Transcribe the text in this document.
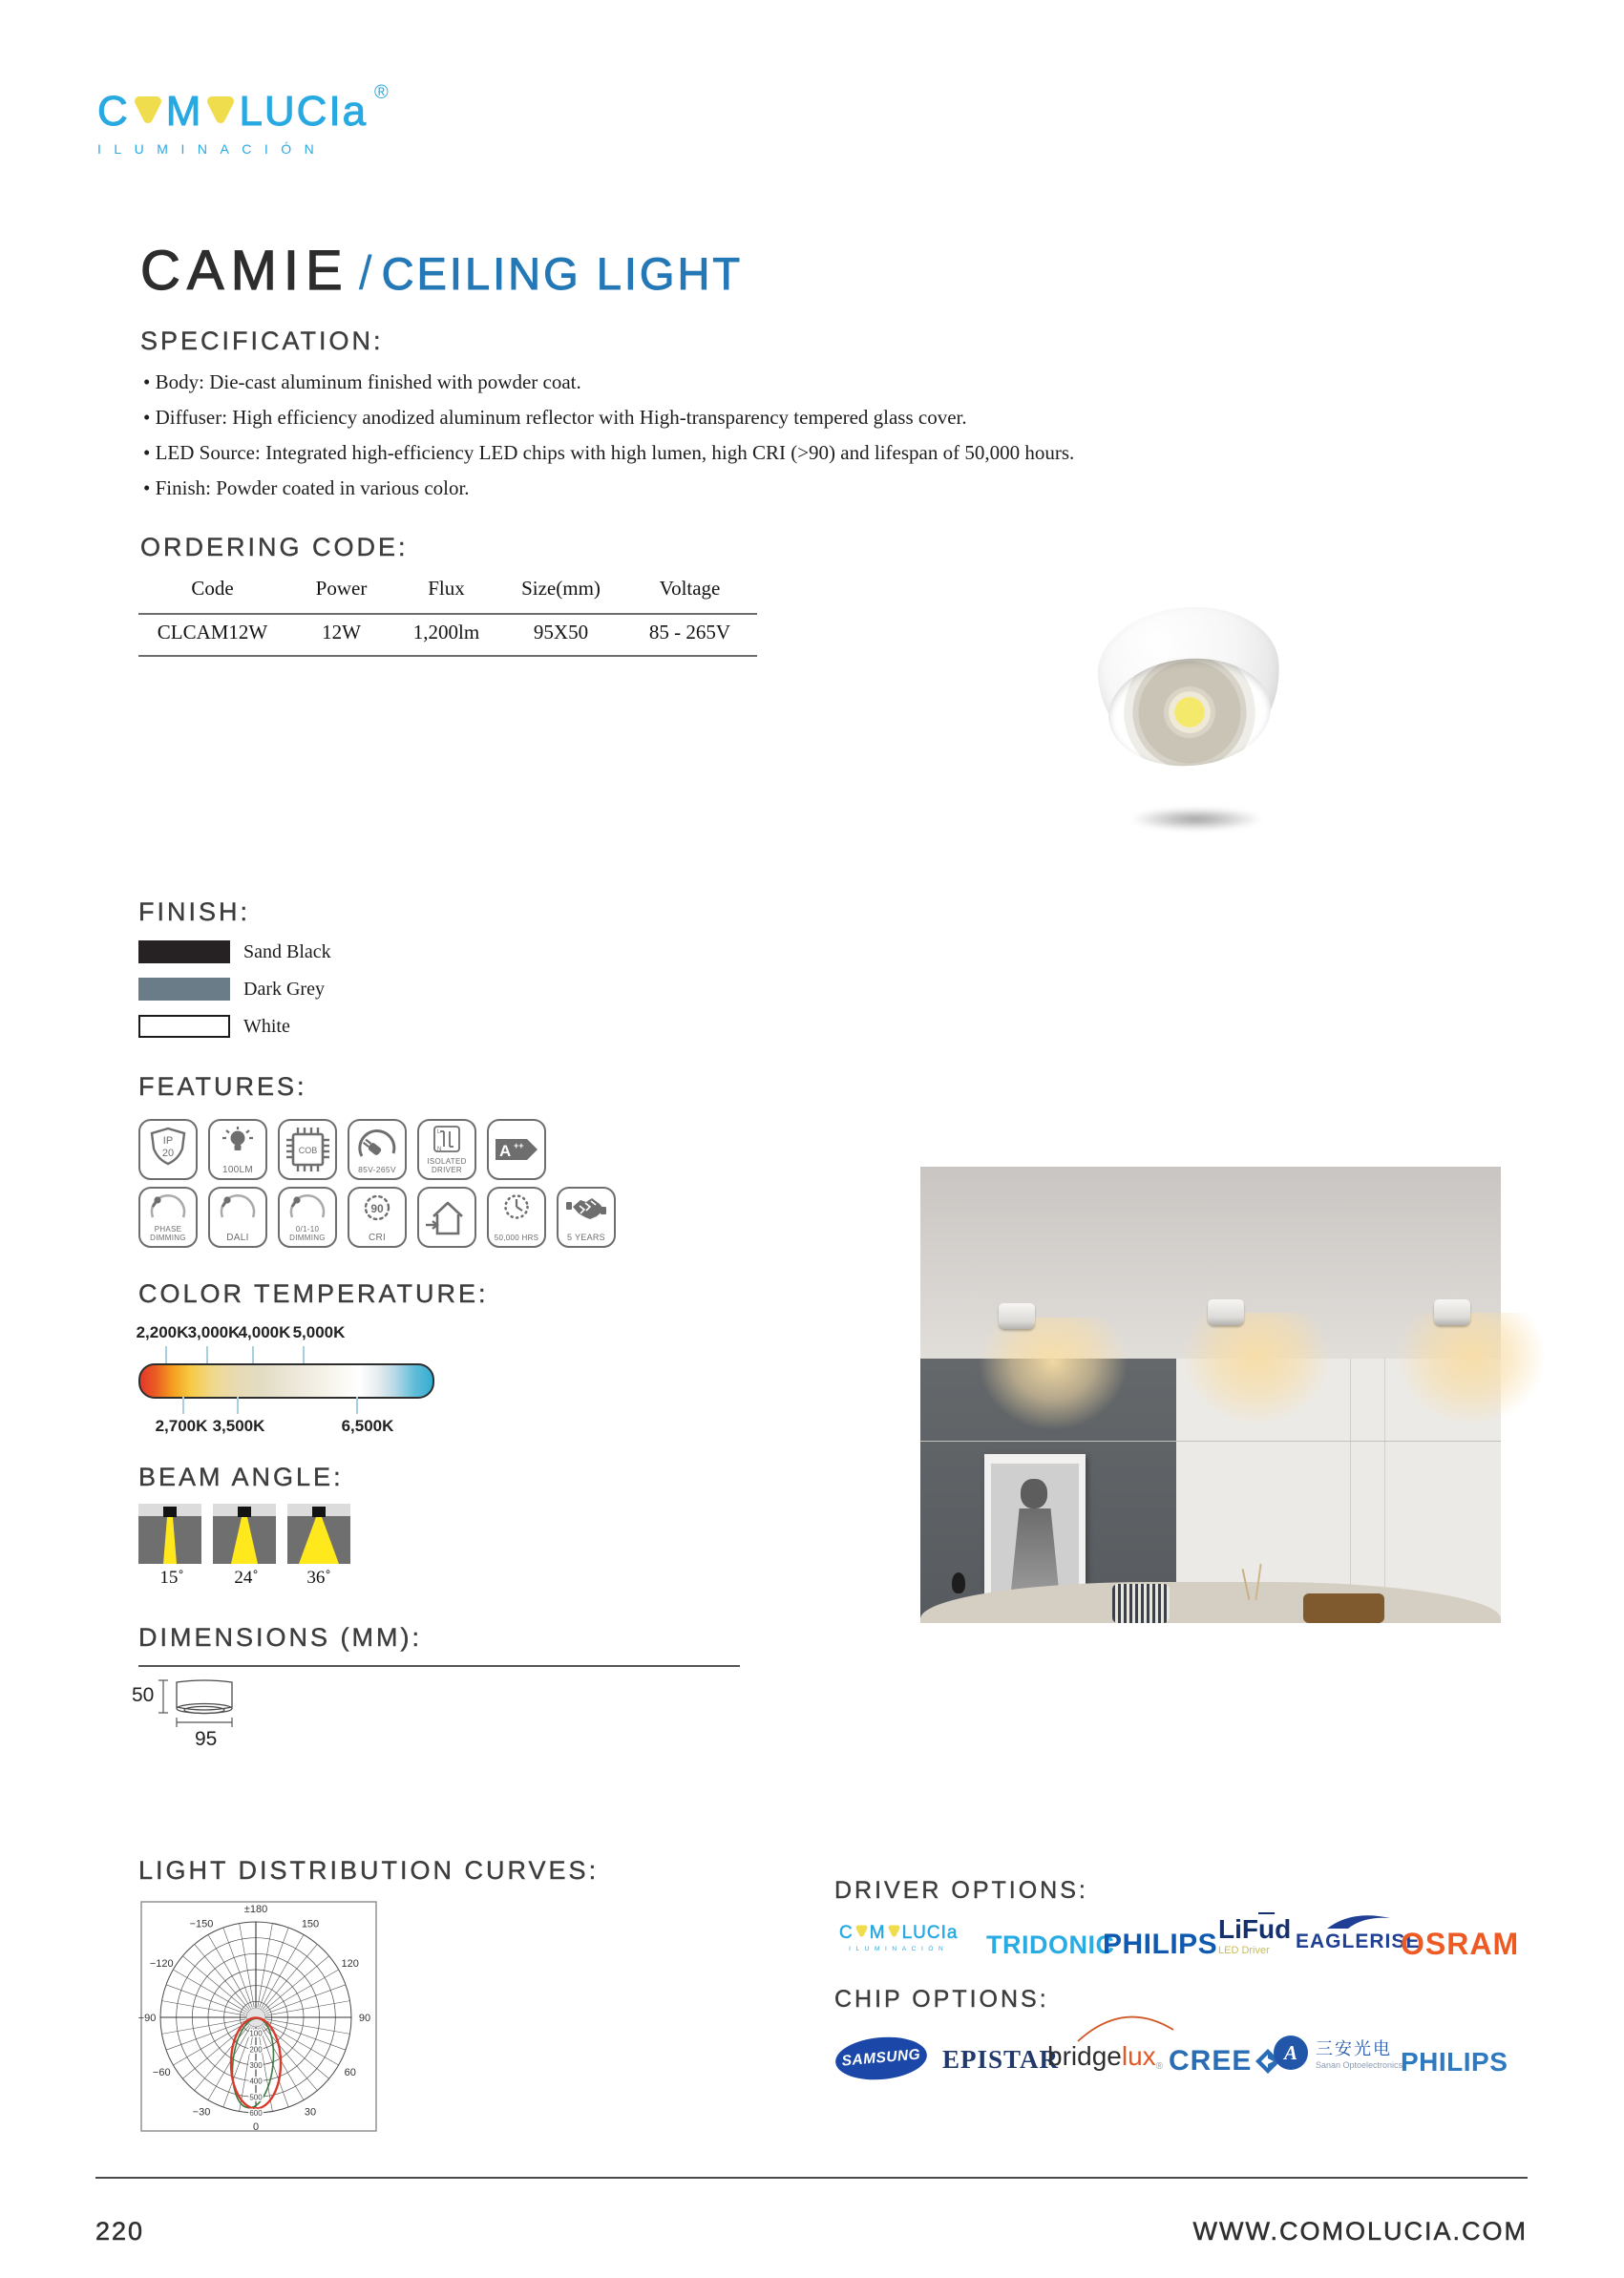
C M LUCIa
ILUMINACIÓN
®
CAMIE / CEILING LIGHT
SPECIFICATION:
• Body: Die-cast aluminum finished with powder coat.
• Diffuser: High efficiency anodized aluminum reflector with High-transparency tempered glass cover.
• LED Source: Integrated high-efficiency LED chips with high lumen, high CRI (>90) and lifespan of 50,000 hours.
• Finish: Powder coated in various color.
ORDERING CODE:
Code	Power	Flux	Size(mm)	Voltage
CLCAM12W	12W	1,200lm	95X50	85 - 265V
FINISH:
Sand Black
Dark Grey
White
FEATURES:
IP
20
100LM
COB
85V-265V
L
N
ISOLATED DRIVER
A ++
PHASE DIMMING	DALI
0/1-10 DIMMING
90
CRI	50,000 HRS	5 YEARS
COLOR TEMPERATURE:
2,200K 3,000K
4,000K 5,000K
2,700K 3,500K	6,500K
BEAM ANGLE:
15˚	24˚	36˚
DIMENSIONS (MM):
50
95
LIGHT DISTRIBUTION CURVES:
±180
−150	150
−120	120
−90	90
−60	60
−30	30
0
100
200
300
400
500
600
DRIVER OPTIONS:
C M LUCIa
ILUMINACIÓN TRIDONIC
PHILIPS $LiF\overline{u}d$
LED Driver EAGLERISE
OSRAM
CHIP OPTIONS:
SAMSUNG EPISTAR
bridgelux® CREE A 三安光电
Sanan Optoelectronics
PHILIPS
220	WWW.COMOLUCIA.COM
